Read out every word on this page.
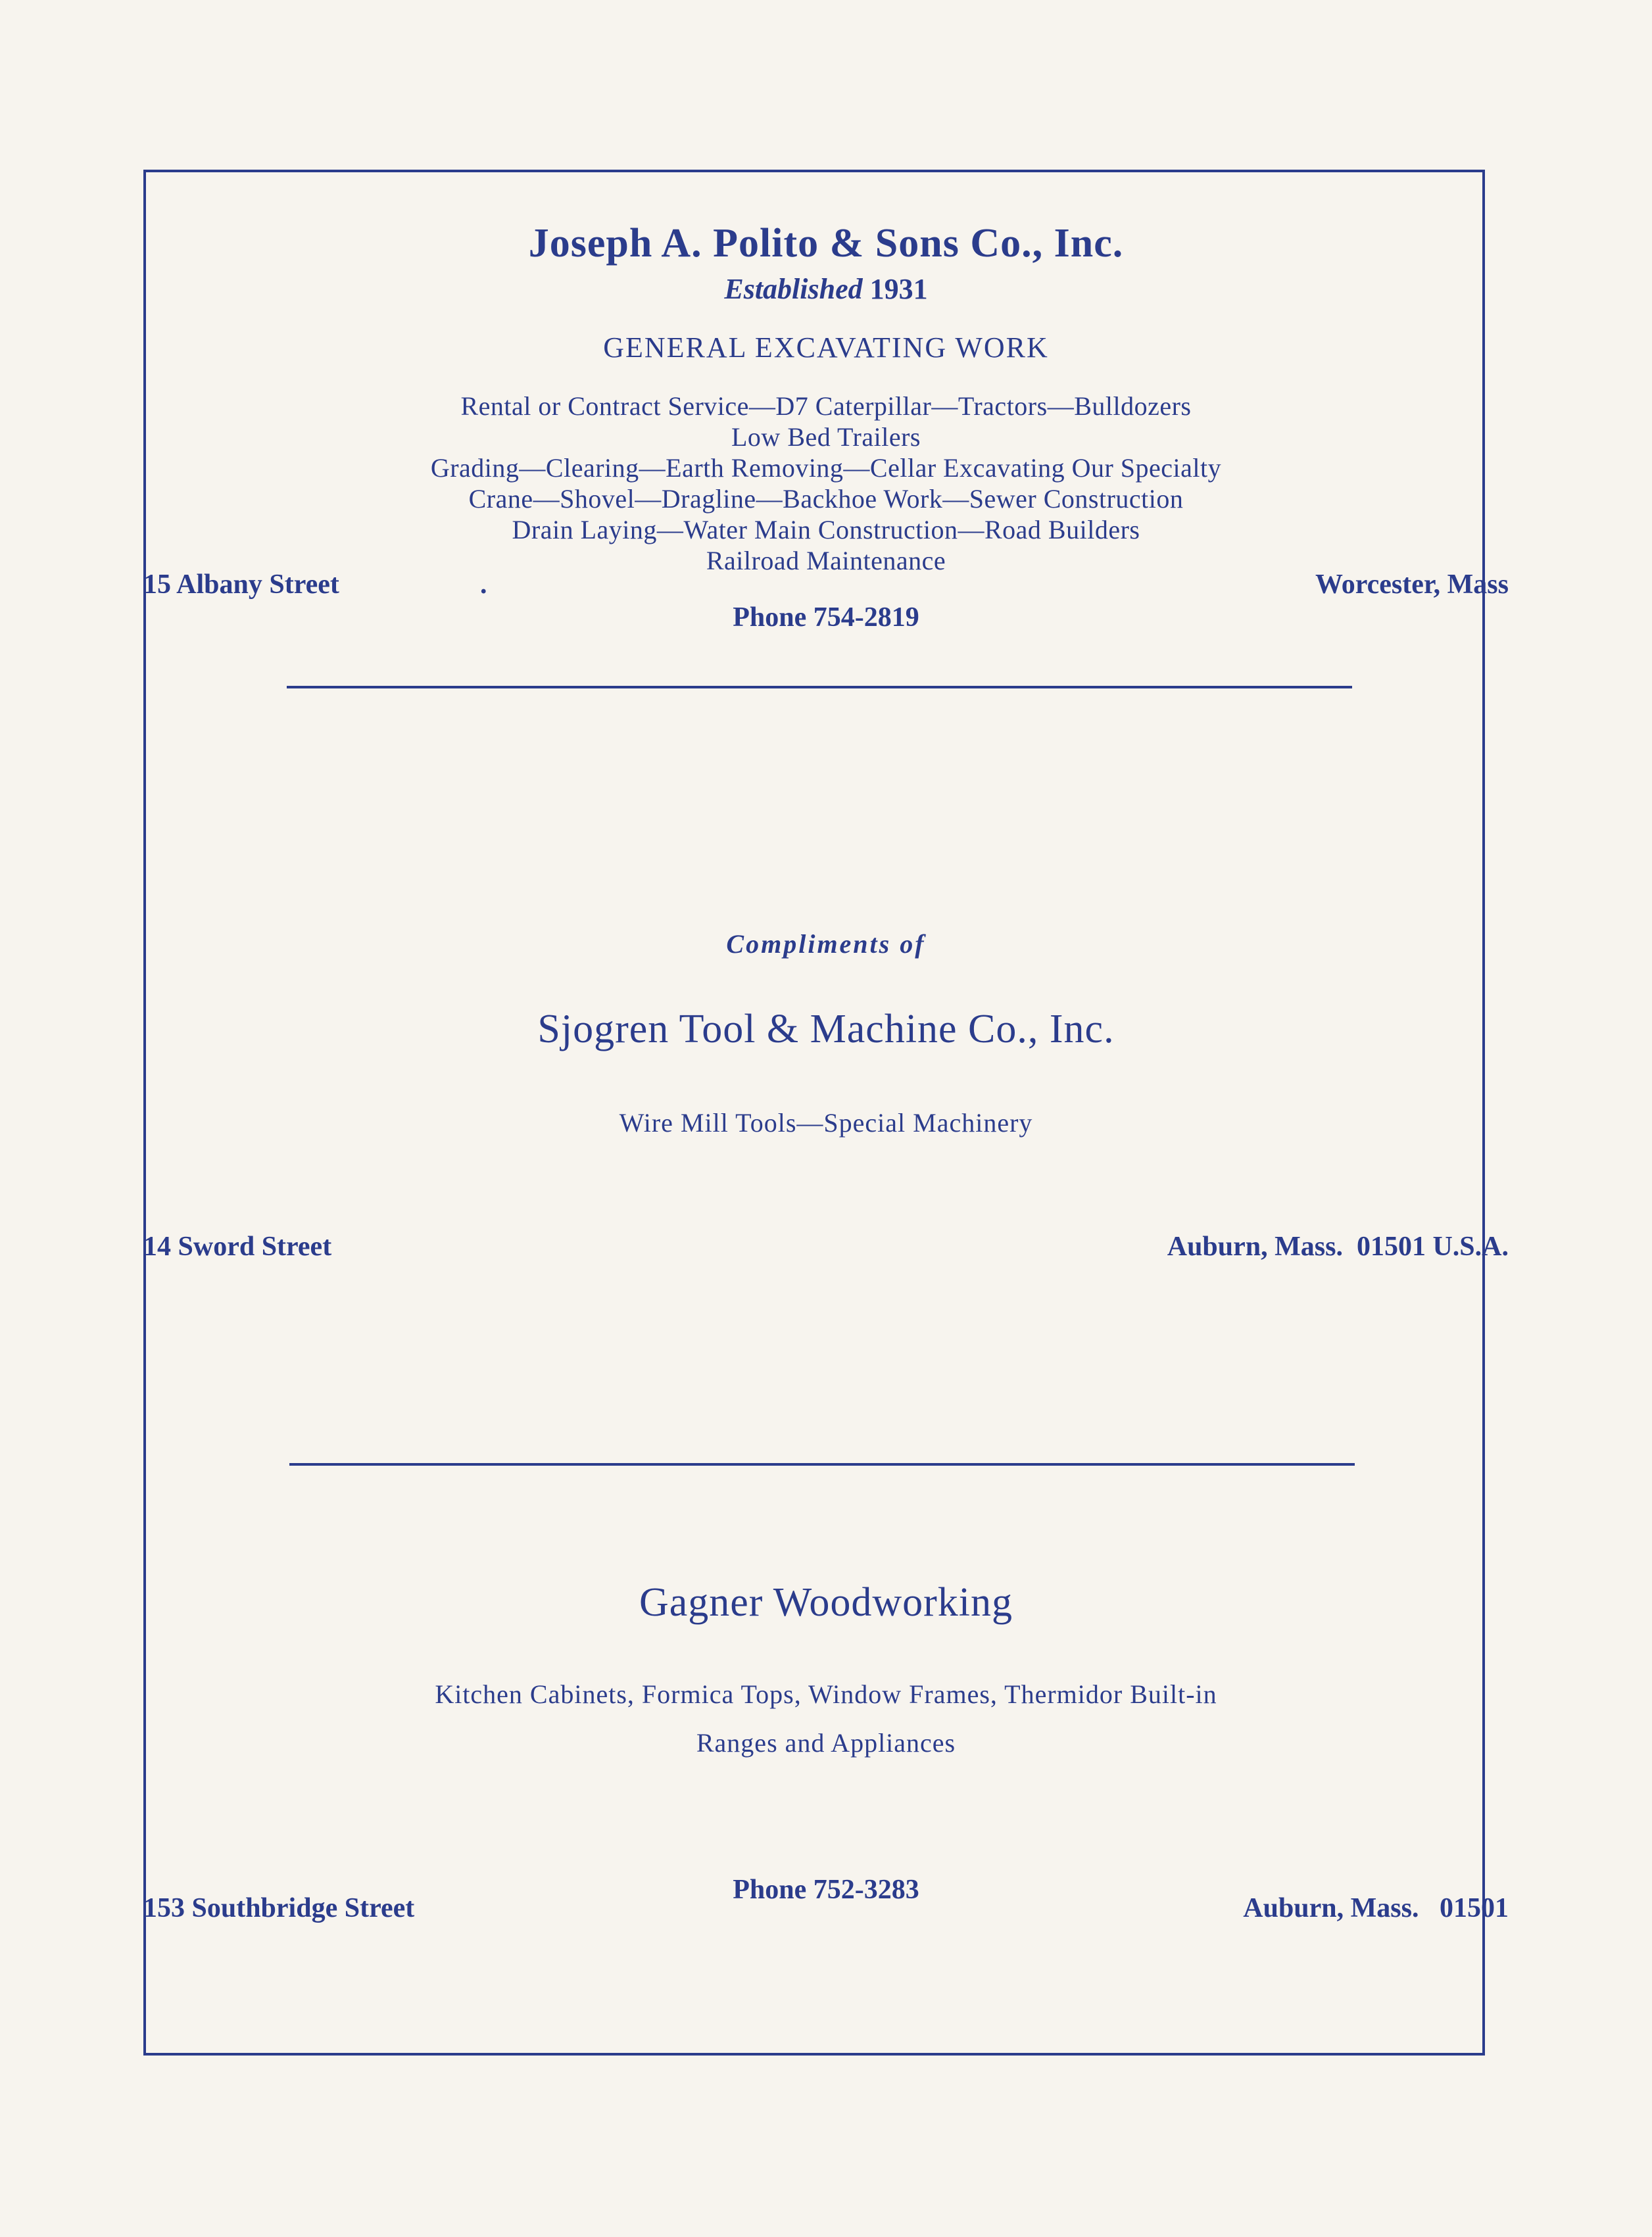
Joseph A. Polito & Sons Co., Inc.
Established 1931
GENERAL EXCAVATING WORK
Rental or Contract Service—D7 Caterpillar—Tractors—Bulldozers
Low Bed Trailers
Grading—Clearing—Earth Removing—Cellar Excavating Our Specialty
Crane—Shovel—Dragline—Backhoe Work—Sewer Construction
Drain Laying—Water Main Construction—Road Builders
Railroad Maintenance
15 Albany Street	.	Worcester, Mass
Phone 754-2819
Compliments of
Sjogren Tool & Machine Co., Inc.
Wire Mill Tools—Special Machinery
14 Sword Street	Auburn, Mass.  01501 U.S.A.
Gagner Woodworking
Kitchen Cabinets, Formica Tops, Window Frames, Thermidor Built-in
Ranges and Appliances
153 Southbridge Street	Auburn, Mass.   01501
Phone 752-3283
